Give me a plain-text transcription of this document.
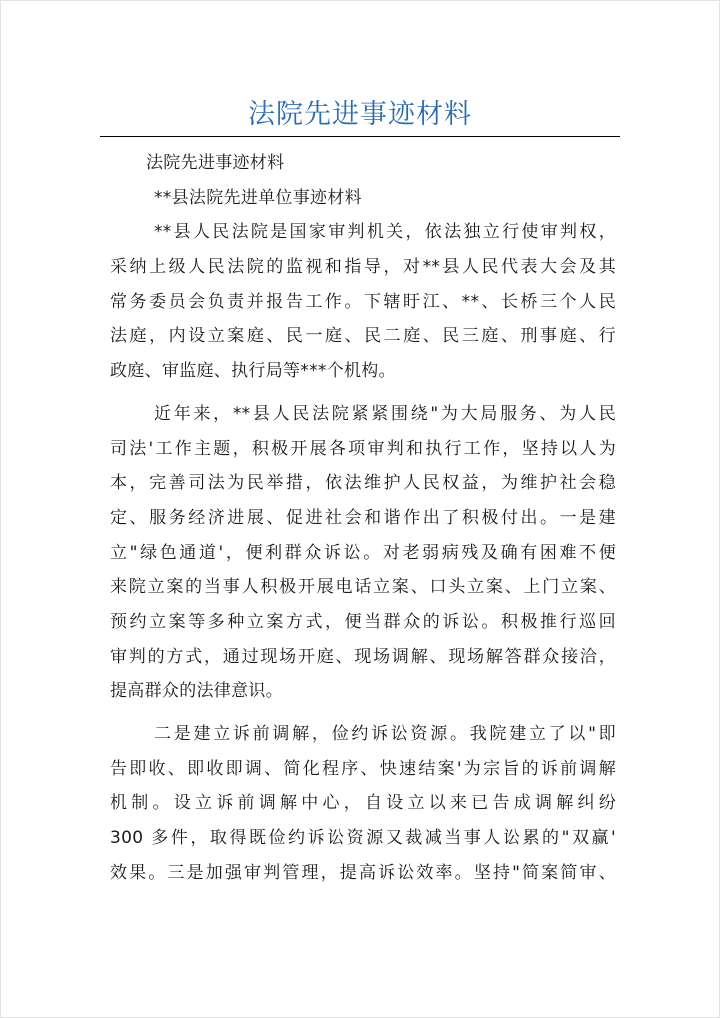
法院先进事迹材料
法院先进事迹材料
**县法院先进单位事迹材料
**县人民法院是国家审判机关，依法独立行使审判权，
采纳上级人民法院的监视和指导，对**县人民代表大会及其
常务委员会负责并报告工作。下辖盱江、**、长桥三个人民
法庭，内设立案庭、民一庭、民二庭、民三庭、刑事庭、行
政庭、审监庭、执行局等***个机构。
近年来，**县人民法院紧紧围绕"为大局服务、为人民
司法'工作主题，积极开展各项审判和执行工作，坚持以人为
本，完善司法为民举措，依法维护人民权益，为维护社会稳
定、服务经济进展、促进社会和谐作出了积极付出。一是建
立"绿色通道'，便利群众诉讼。对老弱病残及确有困难不便
来院立案的当事人积极开展电话立案、口头立案、上门立案、
预约立案等多种立案方式，便当群众的诉讼。积极推行巡回
审判的方式，通过现场开庭、现场调解、现场解答群众接洽，
提高群众的法律意识。
二是建立诉前调解，俭约诉讼资源。我院建立了以"即
告即收、即收即调、简化程序、快速结案'为宗旨的诉前调解
机制。设立诉前调解中心，自设立以来已告成调解纠纷
300 多件，取得既俭约诉讼资源又裁减当事人讼累的"双赢'
效果。三是加强审判管理，提高诉讼效率。坚持"简案简审、
